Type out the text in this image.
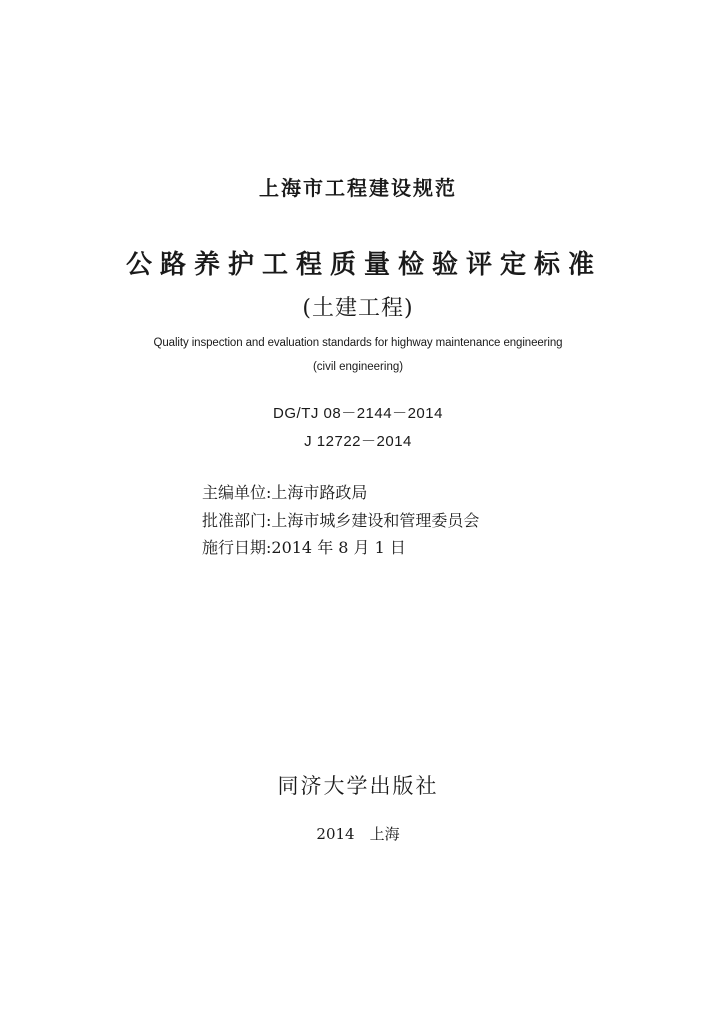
上海市工程建设规范
公路养护工程质量检验评定标准
(土建工程)
Quality inspection and evaluation standards for highway maintenance engineering
(civil engineering)
DG/TJ 08－2144－2014
J 12722－2014
主编单位:上海市路政局
批准部门:上海市城乡建设和管理委员会
施行日期:2014 年 8 月 1 日
同济大学出版社
2014　上海
